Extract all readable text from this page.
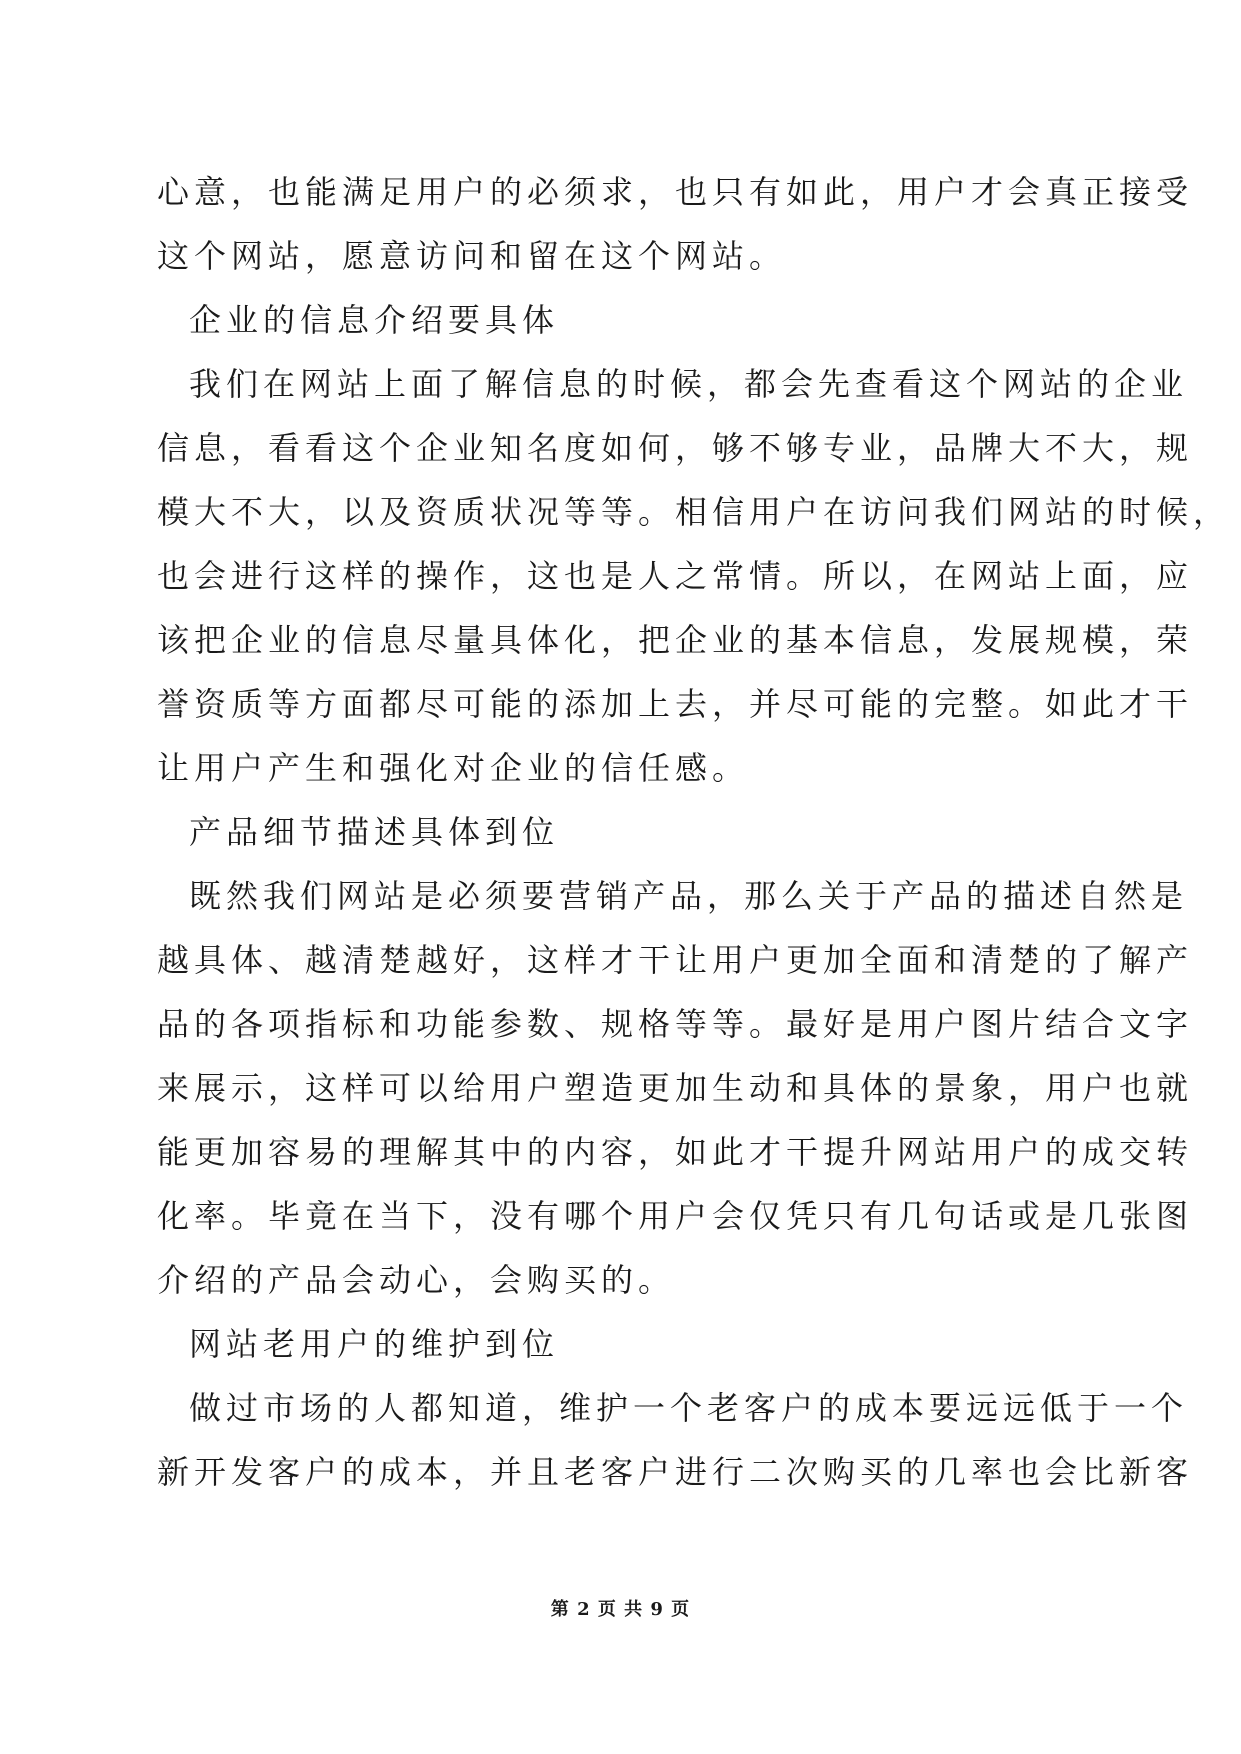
心意，也能满足用户的必须求，也只有如此，用户才会真正接受
这个网站，愿意访问和留在这个网站。
企业的信息介绍要具体
我们在网站上面了解信息的时候，都会先查看这个网站的企业
信息，看看这个企业知名度如何，够不够专业，品牌大不大，规
模大不大，以及资质状况等等。相信用户在访问我们网站的时候，
也会进行这样的操作，这也是人之常情。所以，在网站上面，应
该把企业的信息尽量具体化，把企业的基本信息，发展规模，荣
誉资质等方面都尽可能的添加上去，并尽可能的完整。如此才干
让用户产生和强化对企业的信任感。
产品细节描述具体到位
既然我们网站是必须要营销产品，那么关于产品的描述自然是
越具体、越清楚越好，这样才干让用户更加全面和清楚的了解产
品的各项指标和功能参数、规格等等。最好是用户图片结合文字
来展示，这样可以给用户塑造更加生动和具体的景象，用户也就
能更加容易的理解其中的内容，如此才干提升网站用户的成交转
化率。毕竟在当下，没有哪个用户会仅凭只有几句话或是几张图
介绍的产品会动心，会购买的。
网站老用户的维护到位
做过市场的人都知道，维护一个老客户的成本要远远低于一个
新开发客户的成本，并且老客户进行二次购买的几率也会比新客
第 2 页 共 9 页
